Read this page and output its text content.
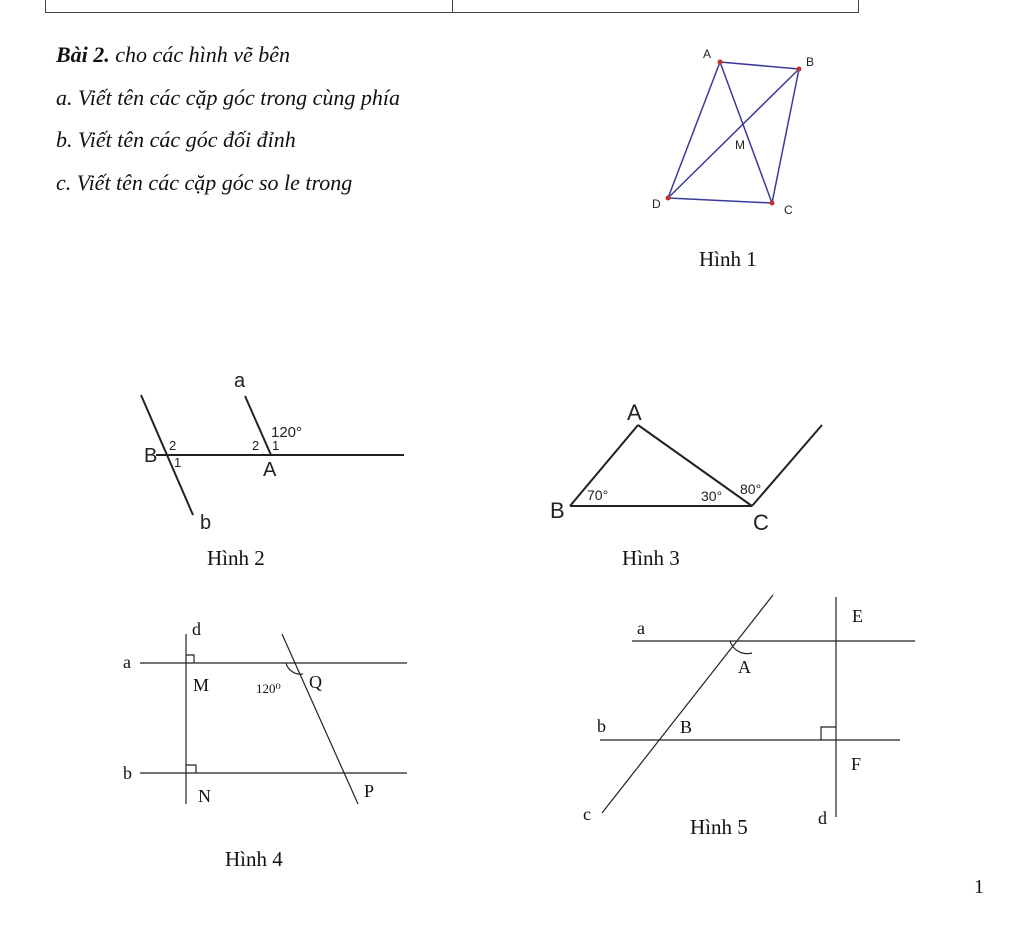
Bài 2. cho các hình vẽ bên
a. Viết tên các cặp góc trong cùng phía
b. Viết tên các góc đối đỉnh
c. Viết tên các cặp góc so le trong
A
B
C
D
M
a
b
B
A
2
1
2 1
120°
A
B	C
70°	30° 80°
a
b
d
M
N
Q
P
120⁰
a
b
c	d
A
B
E
F
Hình 1
Hình 2	Hình 3
Hình 4
Hình 5
1
